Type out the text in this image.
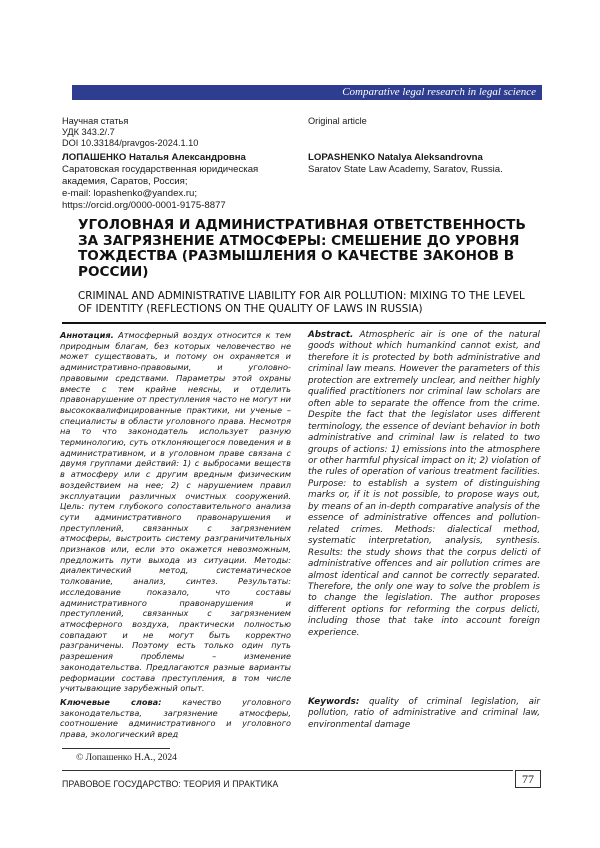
Comparative legal research in legal science
Научная статья
УДК 343.2/.7
DOI 10.33184/pravgos-2024.1.10
Original article
ЛОПАШЕНКО Наталья Александровна
Саратовская государственная юридическая академия, Саратов, Россия;
e-mail: lopashenko@yandex.ru;
https://orcid.org/0000-0001-9175-8877
LOPASHENKO Natalya Aleksandrovna
Saratov State Law Academy, Saratov, Russia.
УГОЛОВНАЯ И АДМИНИСТРАТИВНАЯ ОТВЕТСТВЕННОСТЬ ЗА ЗАГРЯЗНЕНИЕ АТМОСФЕРЫ: СМЕШЕНИЕ ДО УРОВНЯ ТОЖДЕСТВА (РАЗМЫШЛЕНИЯ О КАЧЕСТВЕ ЗАКОНОВ В РОССИИ)
CRIMINAL AND ADMINISTRATIVE LIABILITY FOR AIR POLLUTION: MIXING TO THE LEVEL OF IDENTITY (REFLECTIONS ON THE QUALITY OF LAWS IN RUSSIA)
Аннотация. Атмосферный воздух относится к тем природным благам, без которых человечество не может существовать, и потому он охраняется и административно-правовыми, и уголовно-правовыми средствами. Параметры этой охраны вместе с тем крайне неясны, и отделить правонарушение от преступления часто не могут ни высококвалифицированные практики, ни ученые – специалисты в области уголовного права. Несмотря на то что законодатель использует разную терминологию, суть отклоняющегося поведения и в административном, и в уголовном праве связана с двумя группами действий: 1) с выбросами веществ в атмосферу или с другим вредным физическим воздействием на нее; 2) с нарушением правил эксплуатации различных очистных сооружений. Цель: путем глубокого сопоставительного анализа сути административного правонарушения и преступлений, связанных с загрязнением атмосферы, выстроить систему разграничительных признаков или, если это окажется невозможным, предложить пути выхода из ситуации. Методы: диалектический метод, систематическое толкование, анализ, синтез. Результаты: исследование показало, что составы административного правонарушения и преступлений, связанных с загрязнением атмосферного воздуха, практически полностью совпадают и не могут быть корректно разграничены. Поэтому есть только один путь разрешения проблемы – изменение законодательства. Предлагаются разные варианты реформации состава преступления, в том числе учитывающие зарубежный опыт.
Abstract. Atmospheric air is one of the natural goods without which humankind cannot exist, and therefore it is protected by both administrative and criminal law means. However the parameters of this protection are extremely unclear, and neither highly qualified practitioners nor criminal law scholars are often able to separate the offence from the crime. Despite the fact that the legislator uses different terminology, the essence of deviant behavior in both administrative and criminal law is related to two groups of actions: 1) emissions into the atmosphere or other harmful physical impact on it; 2) violation of the rules of operation of various treatment facilities. Purpose: to establish a system of distinguishing marks or, if it is not possible, to propose ways out, by means of an in-depth comparative analysis of the essence of administrative offences and pollution-related crimes. Methods: dialectical method, systematic interpretation, analysis, synthesis. Results: the study shows that the corpus delicti of administrative offences and air pollution crimes are almost identical and cannot be correctly separated. Therefore, the only one way to solve the problem is to change the legislation. The author proposes different options for reforming the corpus delicti, including those that take into account foreign experience.
Ключевые слова:	качество уголовного законодательства, загрязнение атмосферы, соотношение административного и уголовного права, экологический вред
Keywords: quality of criminal legislation, air pollution, ratio of administrative and criminal law, environmental damage
© Лопашенко Н.А., 2024
ПРАВОВОЕ ГОСУДАРСТВО: ТЕОРИЯ И ПРАКТИКА	77
